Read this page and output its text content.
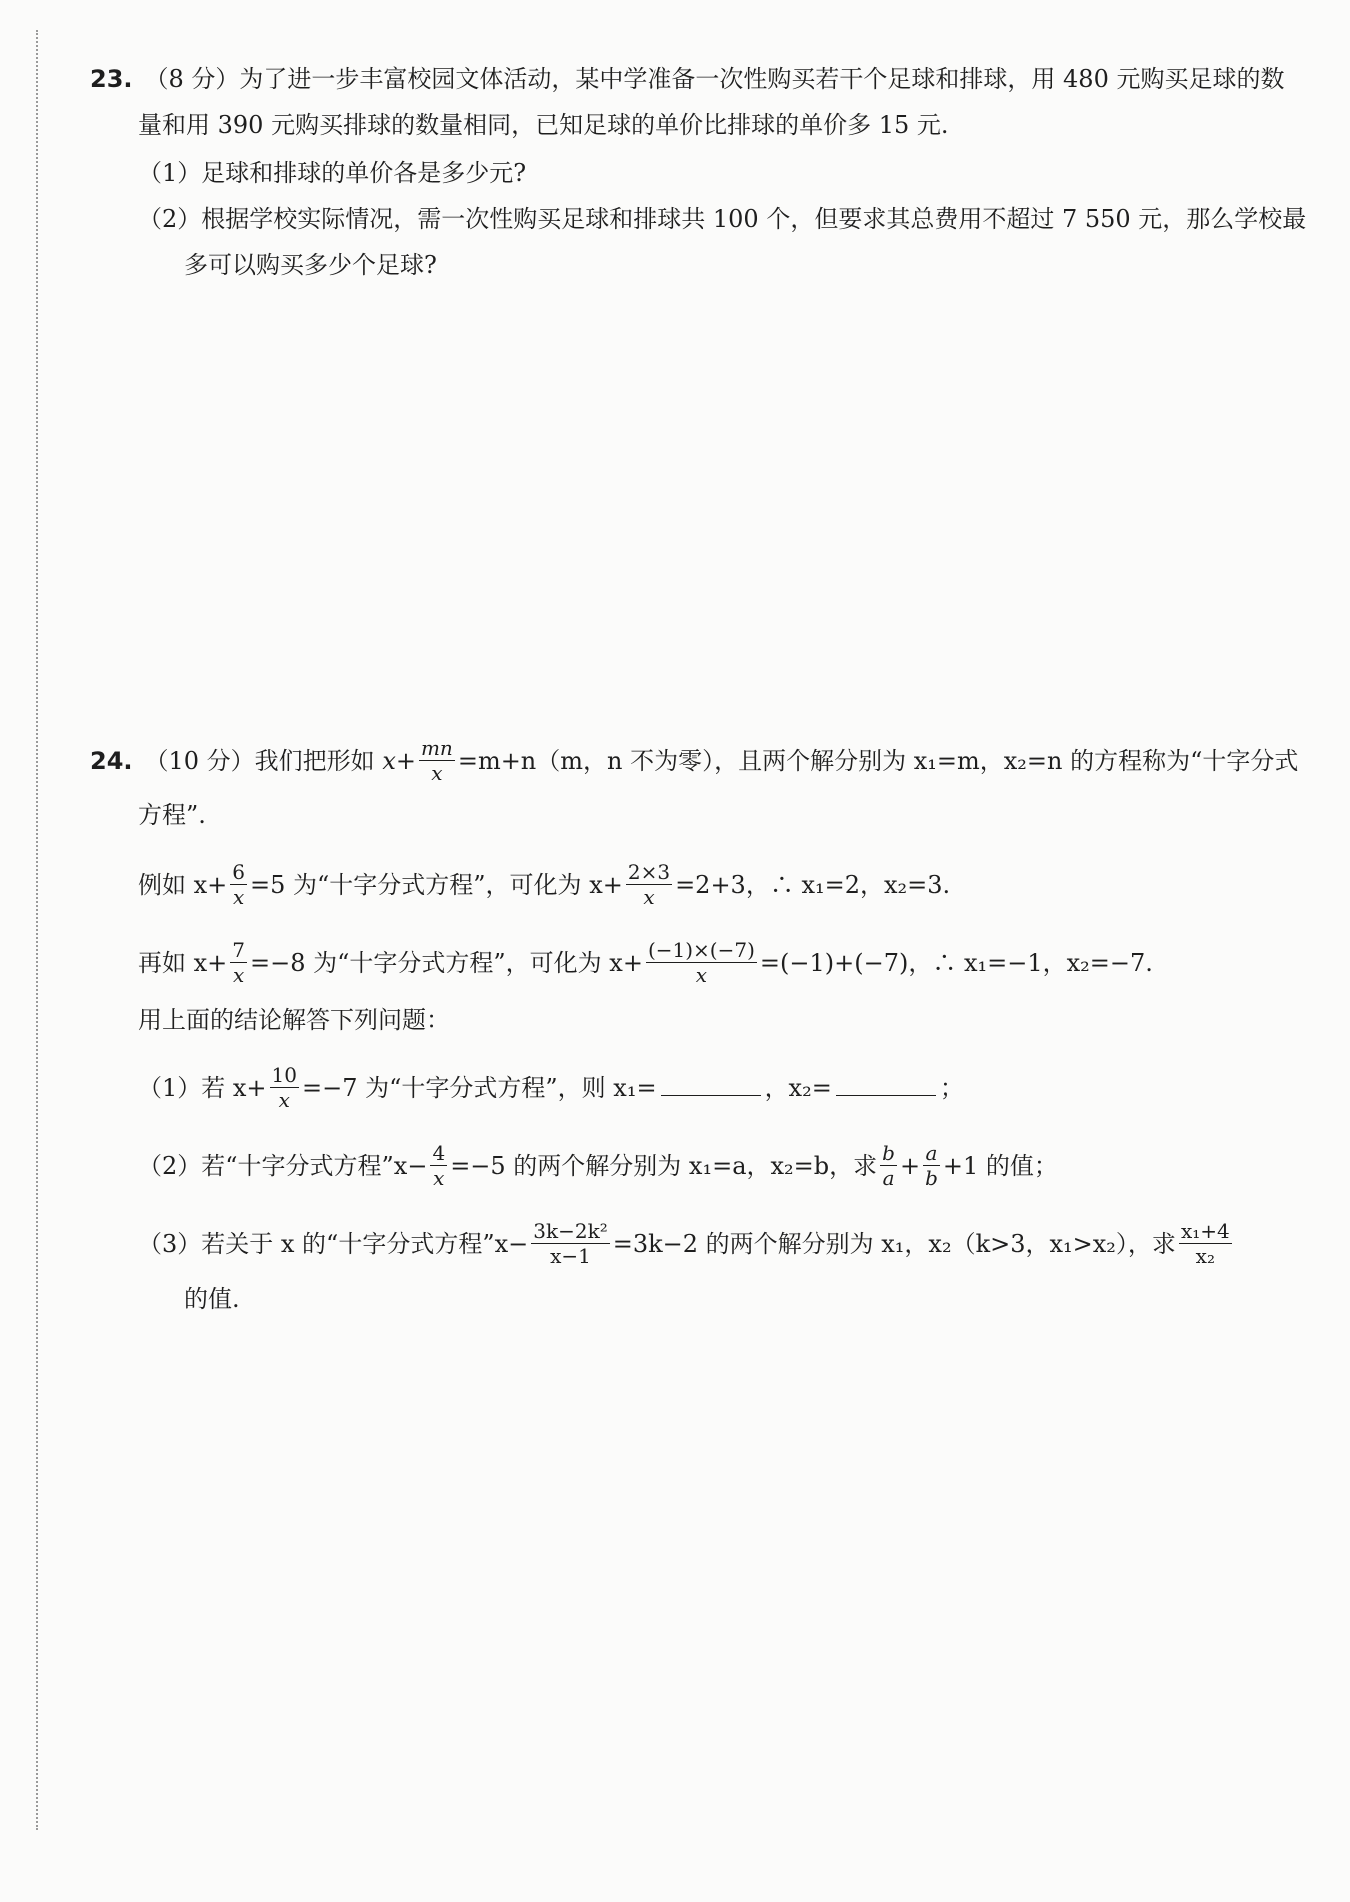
23. （8 分）为了进一步丰富校园文体活动，某中学准备一次性购买若干个足球和排球，用 480 元购买足球的数
量和用 390 元购买排球的数量相同，已知足球的单价比排球的单价多 15 元.
（1）足球和排球的单价各是多少元?
（2）根据学校实际情况，需一次性购买足球和排球共 100 个，但要求其总费用不超过 7 550 元，那么学校最
多可以购买多少个足球?
24. （10 分）我们把形如 $x+ \frac{mn}{x} =m+n(m$，n 不为零），且两个解分别为 x₁=m，x₂=n 的方程称为“十字分式
方程”.
例如 $x+ \frac{6}{x} =5$ 为“十字分式方程”，可化为 $x+ \frac{2\times 3}{x} =2+3$，∴ x₁=2，x₂=3.
再如 $x+ \frac{7}{x} =-8$ 为“十字分式方程”，可化为 $x+ \frac{(-1)\times(-7)}{x} =(-1)+(-7)$，∴ x₁=−1，x₂=−7.
用上面的结论解答下列问题：
（1）若 $x+ \frac{10}{x} =-7$ 为“十字分式方程”，则 x₁=	，x₂=	；
（2）若“十字分式方程”x− $\frac{4}{x} =-5$ 的两个解分别为 x₁=a，x₂=b，求 $\frac{b}{a} + \frac{a}{b} +1$ 的值；
（3）若关于 x 的“十字分式方程”x− $\frac{\text{3k−2k²}}{x-1} =3k-2$ 的两个解分别为 x₁，x₂（k>3，x₁>x₂），求 $\frac{\text{x₁+4}}{\text{x₂}}$
的值.
